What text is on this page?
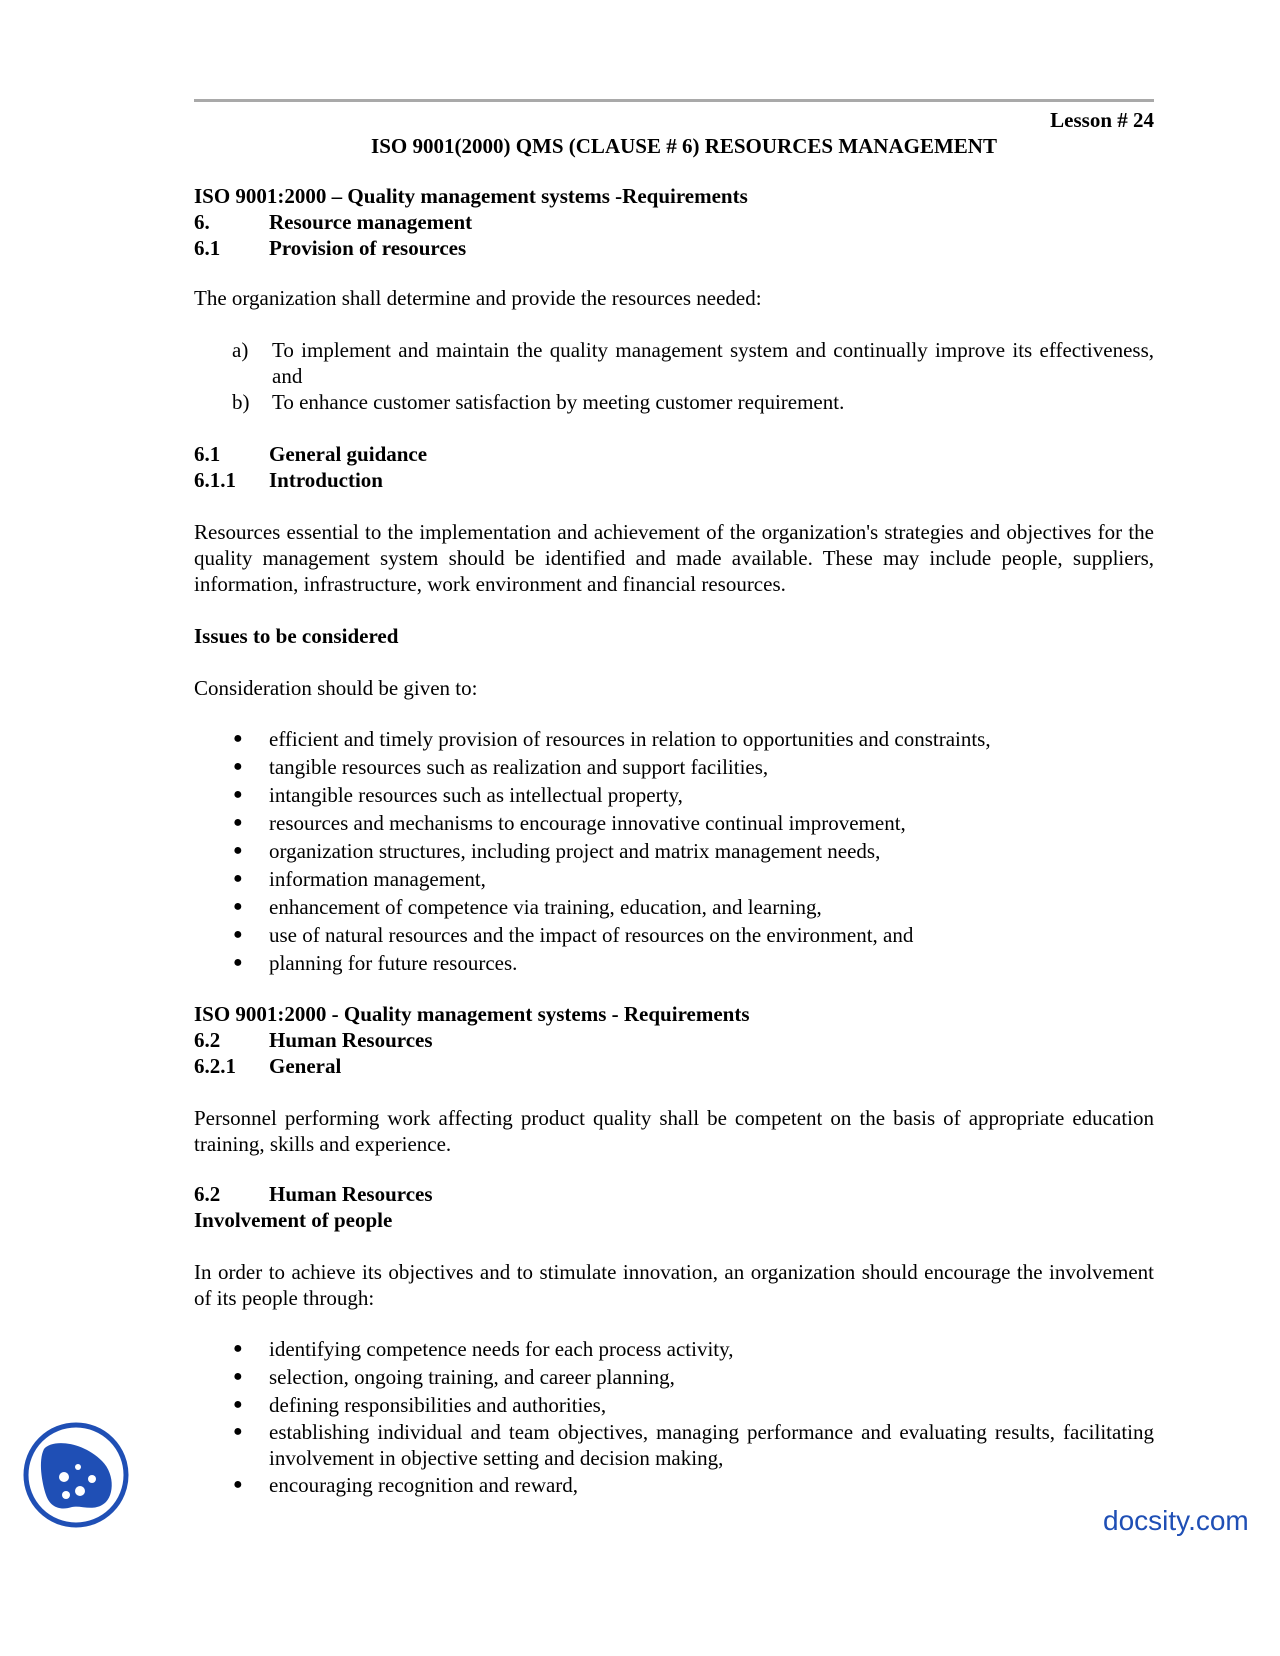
Lesson # 24
ISO 9001(2000) QMS (CLAUSE # 6) RESOURCES MANAGEMENT
ISO 9001:2000 – Quality management systems -Requirements
6.	Resource management
6.1	Provision of resources

The organization shall determine and provide the resources needed:

a)	To implement and maintain the quality management system and continually improve its effectiveness, and
b)	To enhance customer satisfaction by meeting customer requirement.
6.1	General guidance
6.1.1	Introduction

Resources essential to the implementation and achievement of the organization's strategies and objectives for the quality management system should be identified and made available. These may include people, suppliers, information, infrastructure, work environment and financial resources.

Issues to be considered

Consideration should be given to:

●	efficient and timely provision of resources in relation to opportunities and constraints,
●	tangible resources such as realization and support facilities,
●	intangible resources such as intellectual property,
●	resources and mechanisms to encourage innovative continual improvement,
●	organization structures, including project and matrix management needs,
●	information management,
●	enhancement of competence via training, education, and learning,
●	use of natural resources and the impact of resources on the environment, and
●	planning for future resources.
ISO 9001:2000 - Quality management systems - Requirements
6.2	Human Resources
6.2.1	General

Personnel performing work affecting product quality shall be competent on the basis of appropriate education training, skills and experience.

6.2	Human Resources
Involvement of people

In order to achieve its objectives and to stimulate innovation, an organization should encourage the involvement of its people through:

●	identifying competence needs for each process activity,
●	selection, ongoing training, and career planning,
●	defining responsibilities and authorities,
●	establishing individual and team objectives, managing performance and evaluating results, facilitating involvement in objective setting and decision making,
●	encouraging recognition and reward,
docsity.com
